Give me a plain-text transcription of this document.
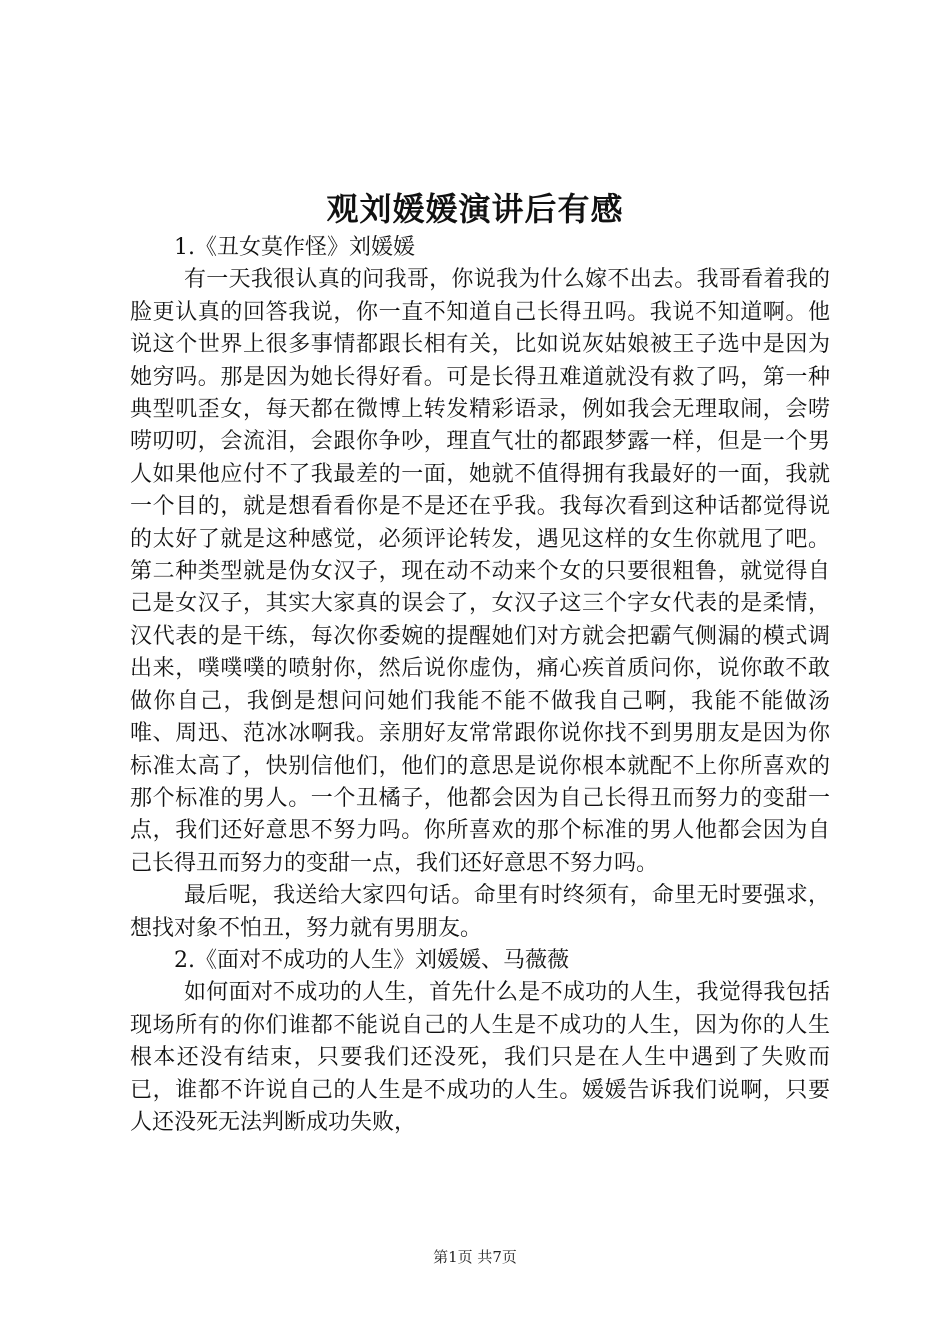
观刘媛媛演讲后有感

1.《丑女莫作怪》刘媛媛

有一天我很认真的问我哥，你说我为什么嫁不出去。我哥看着我的脸更认真的回答我说，你一直不知道自己长得丑吗。我说不知道啊。他说这个世界上很多事情都跟长相有关，比如说灰姑娘被王子选中是因为她穷吗。那是因为她长得好看。可是长得丑难道就没有救了吗，第一种典型叽歪女，每天都在微博上转发精彩语录，例如我会无理取闹，会唠唠叨叨，会流泪，会跟你争吵，理直气壮的都跟梦露一样，但是一个男人如果他应付不了我最差的一面，她就不值得拥有我最好的一面，我就一个目的，就是想看看你是不是还在乎我。我每次看到这种话都觉得说的太好了就是这种感觉，必须评论转发，遇见这样的女生你就甩了吧。第二种类型就是伪女汉子，现在动不动来个女的只要很粗鲁，就觉得自己是女汉子，其实大家真的误会了，女汉子这三个字女代表的是柔情，汉代表的是干练，每次你委婉的提醒她们对方就会把霸气侧漏的模式调出来，噗噗噗的喷射你，然后说你虚伪，痛心疾首质问你，说你敢不敢做你自己，我倒是想问问她们我能不能不做我自己啊，我能不能做汤唯、周迅、范冰冰啊我。亲朋好友常常跟你说你找不到男朋友是因为你标准太高了，快别信他们，他们的意思是说你根本就配不上你所喜欢的那个标准的男人。一个丑橘子，他都会因为自己长得丑而努力的变甜一点，我们还好意思不努力吗。你所喜欢的那个标准的男人他都会因为自己长得丑而努力的变甜一点，我们还好意思不努力吗。

最后呢，我送给大家四句话。命里有时终须有，命里无时要强求，想找对象不怕丑，努力就有男朋友。

2.《面对不成功的人生》刘媛媛、马薇薇

如何面对不成功的人生，首先什么是不成功的人生，我觉得我包括现场所有的你们谁都不能说自己的人生是不成功的人生，因为你的人生根本还没有结束，只要我们还没死，我们只是在人生中遇到了失败而已，谁都不许说自己的人生是不成功的人生。媛媛告诉我们说啊，只要人还没死无法判断成功失败，

第1页 共7页
